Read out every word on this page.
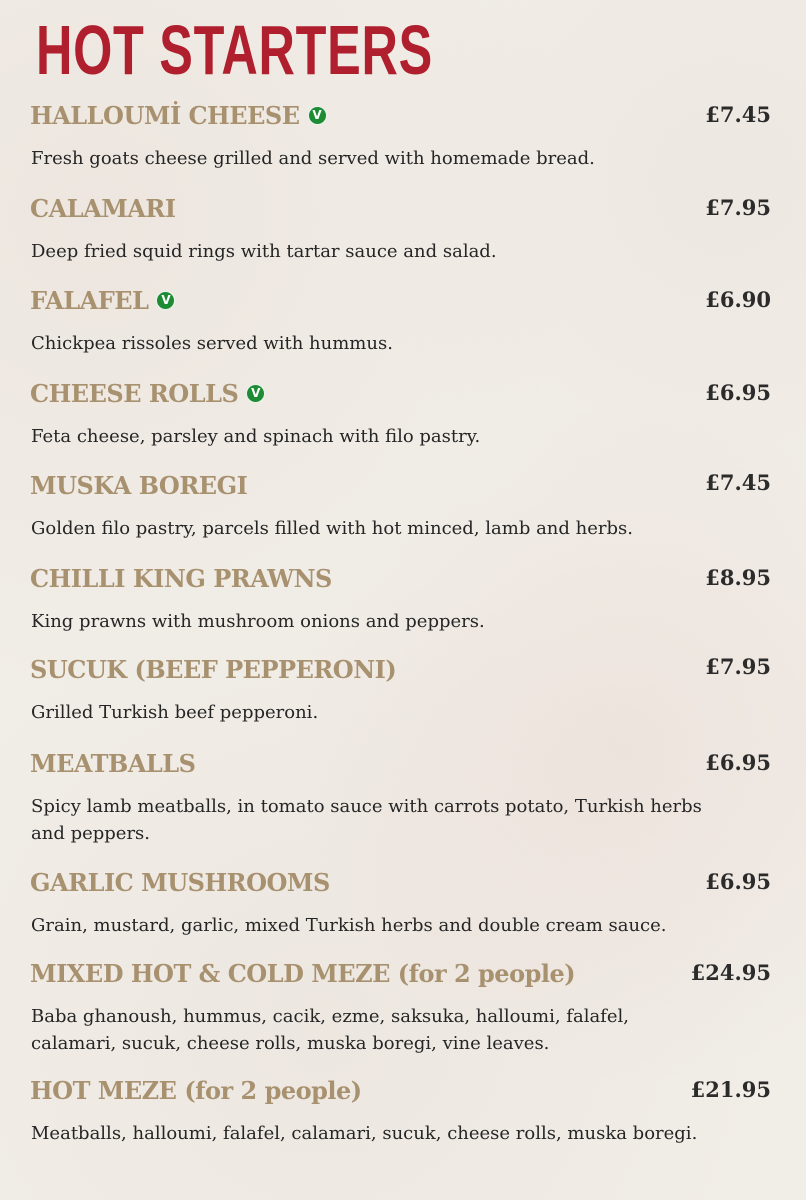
HOT STARTERS
HALLOUMİ CHEESE	V	£7.45
Fresh goats cheese grilled and served with homemade bread.
CALAMARI	£7.95
Deep fried squid rings with tartar sauce and salad.
FALAFEL	V	£6.90
Chickpea rissoles served with hummus.
CHEESE ROLLS	V	£6.95
Feta cheese, parsley and spinach with filo pastry.
MUSKA BOREGI	£7.45
Golden filo pastry, parcels filled with hot minced, lamb and herbs.
CHILLI KING PRAWNS	£8.95
King prawns with mushroom onions and peppers.
SUCUK (BEEF PEPPERONI)	£7.95
Grilled Turkish beef pepperoni.
MEATBALLS	£6.95
Spicy lamb meatballs, in tomato sauce with carrots potato, Turkish herbs and peppers.
GARLIC MUSHROOMS	£6.95
Grain, mustard, garlic, mixed Turkish herbs and double cream sauce.
MIXED HOT & COLD MEZE (for 2 people)	£24.95
Baba ghanoush, hummus, cacik, ezme, saksuka, halloumi, falafel, calamari, sucuk, cheese rolls, muska boregi, vine leaves.
HOT MEZE (for 2 people)	£21.95
Meatballs, halloumi, falafel, calamari, sucuk, cheese rolls, muska boregi.
